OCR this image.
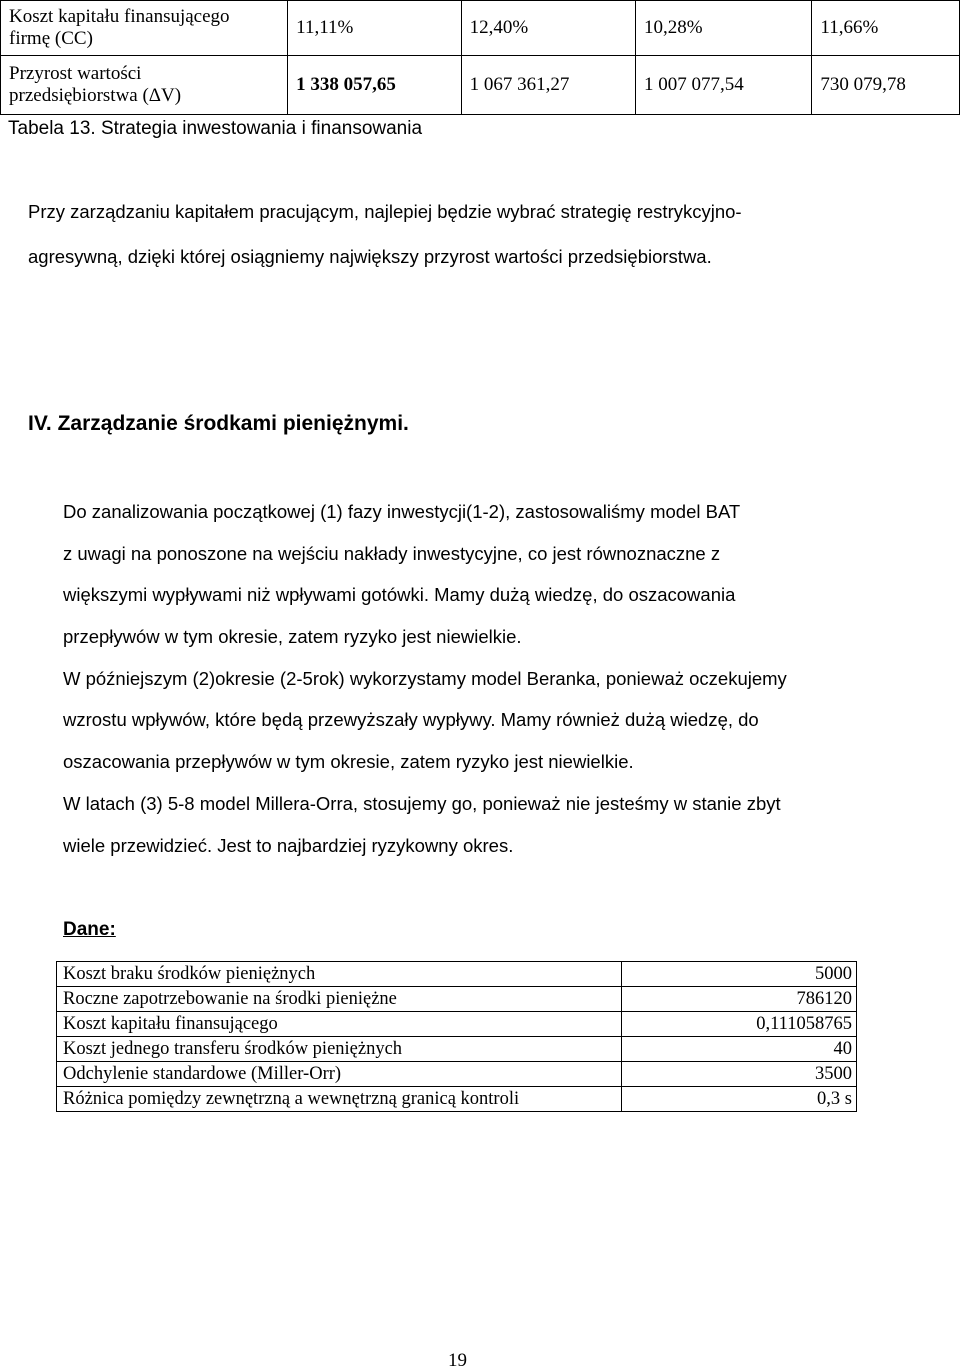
Koszt kapitału finansującego
firmę (CC)	11,11%	12,40%	10,28%	11,66%
Przyrost wartości
przedsiębiorstwa (ΔV)	1 338 057,65	1 067 361,27	1 007 077,54	730 079,78
Tabela 13. Strategia inwestowania i finansowania
Przy zarządzaniu kapitałem pracującym, najlepiej będzie wybrać strategię restrykcyjno-
agresywną, dzięki której osiągniemy największy przyrost wartości przedsiębiorstwa.
IV. Zarządzanie środkami pieniężnymi.
Do zanalizowania początkowej (1) fazy inwestycji(1-2), zastosowaliśmy model BAT
z uwagi na ponoszone na wejściu nakłady inwestycyjne, co jest równoznaczne z
większymi wypływami niż wpływami gotówki. Mamy dużą wiedzę, do oszacowania
przepływów w tym okresie, zatem ryzyko jest niewielkie.
W późniejszym (2)okresie (2-5rok) wykorzystamy model Beranka, ponieważ oczekujemy
wzrostu wpływów, które będą przewyższały wypływy. Mamy również dużą wiedzę, do
oszacowania przepływów w tym okresie, zatem ryzyko jest niewielkie.
W latach (3) 5-8 model Millera-Orra, stosujemy go, ponieważ nie jesteśmy w stanie zbyt
wiele przewidzieć. Jest to najbardziej ryzykowny okres.
Dane:
Koszt braku środków pieniężnych	5000
Roczne zapotrzebowanie na środki pieniężne	786120
Koszt kapitału finansującego	0,111058765
Koszt jednego transferu środków pieniężnych	40
Odchylenie standardowe (Miller-Orr)	3500
Różnica pomiędzy zewnętrzną a wewnętrzną granicą kontroli	0,3 s
19
